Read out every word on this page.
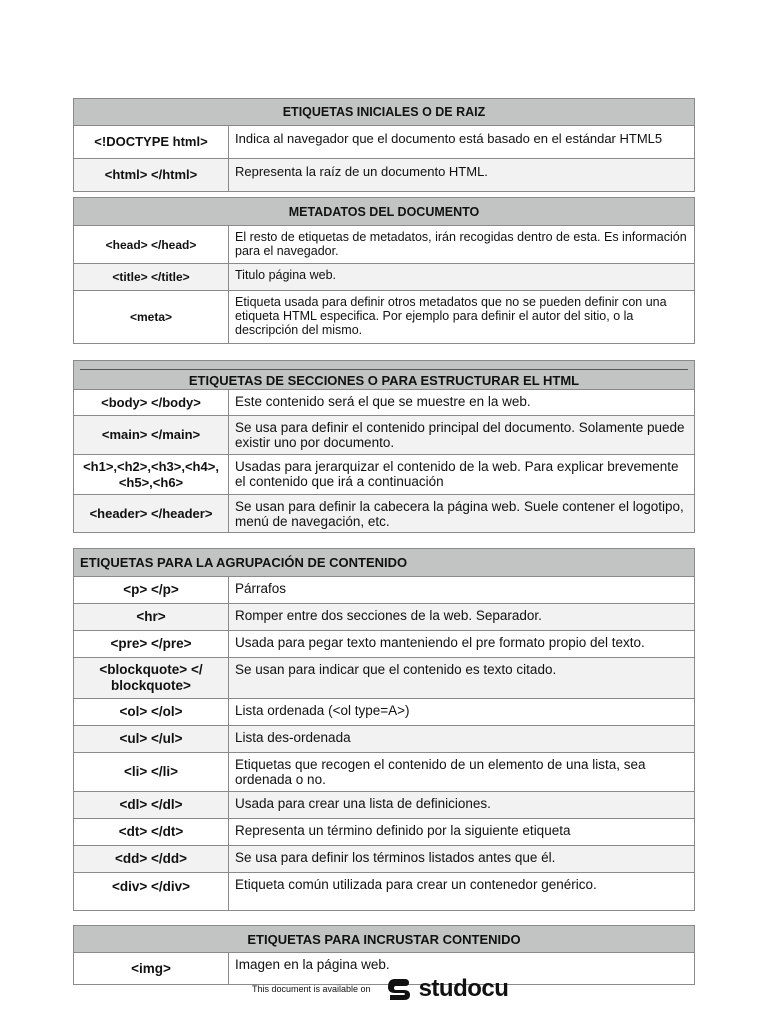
ETIQUETAS INICIALES O DE RAIZ	
<!DOCTYPE html>	Indica al navegador que el documento está basado en el estándar HTML5
<html> </html>	Representa la raíz de un documento HTML.
METADATOS DEL DOCUMENTO	
<head> </head>	El resto de etiquetas de metadatos, irán recogidas dentro de esta. Es información para el navegador.
<title> </title>	Titulo página web.
<meta>	Etiqueta usada para definir otros metadatos que no se pueden definir con una etiqueta HTML especifica. Por ejemplo para definir el autor del sitio, o la descripción del mismo.
ETIQUETAS DE SECCIONES O PARA ESTRUCTURAR EL HTML	
<body> </body>	Este contenido será el que se muestre en la web.
<main> </main>	Se usa para definir el contenido principal del documento. Solamente puede existir uno por documento.
<h1>,<h2>,<h3>,<h4>,<h5>,<h6>	Usadas para jerarquizar el contenido de la web. Para explicar brevemente el contenido que irá a continuación
<header> </header>	Se usan para definir la cabecera la página web. Suele contener el logotipo, menú de navegación, etc.
ETIQUETAS PARA LA AGRUPACIÓN DE CONTENIDO	
<p> </p>	Párrafos
<hr>	Romper entre dos secciones de la web. Separador.
<pre> </pre>	Usada para pegar texto manteniendo el pre formato propio del texto.
<blockquote> </ blockquote>	Se usan para indicar que el contenido es texto citado.
<ol> </ol>	Lista ordenada (<ol type=A>)
<ul> </ul>	Lista des-ordenada
<li> </li>	Etiquetas que recogen el contenido de un elemento de una lista, sea ordenada o no.
<dl> </dl>	Usada para crear una lista de definiciones.
<dt> </dt>	Representa un término definido por la siguiente etiqueta
<dd> </dd>	Se usa para definir los términos listados antes que él.
<div> </div>	Etiqueta común utilizada para crear un contenedor genérico.
ETIQUETAS PARA INCRUSTAR CONTENIDO
<img>	Imagen en la página web.
This document is available on studocu
